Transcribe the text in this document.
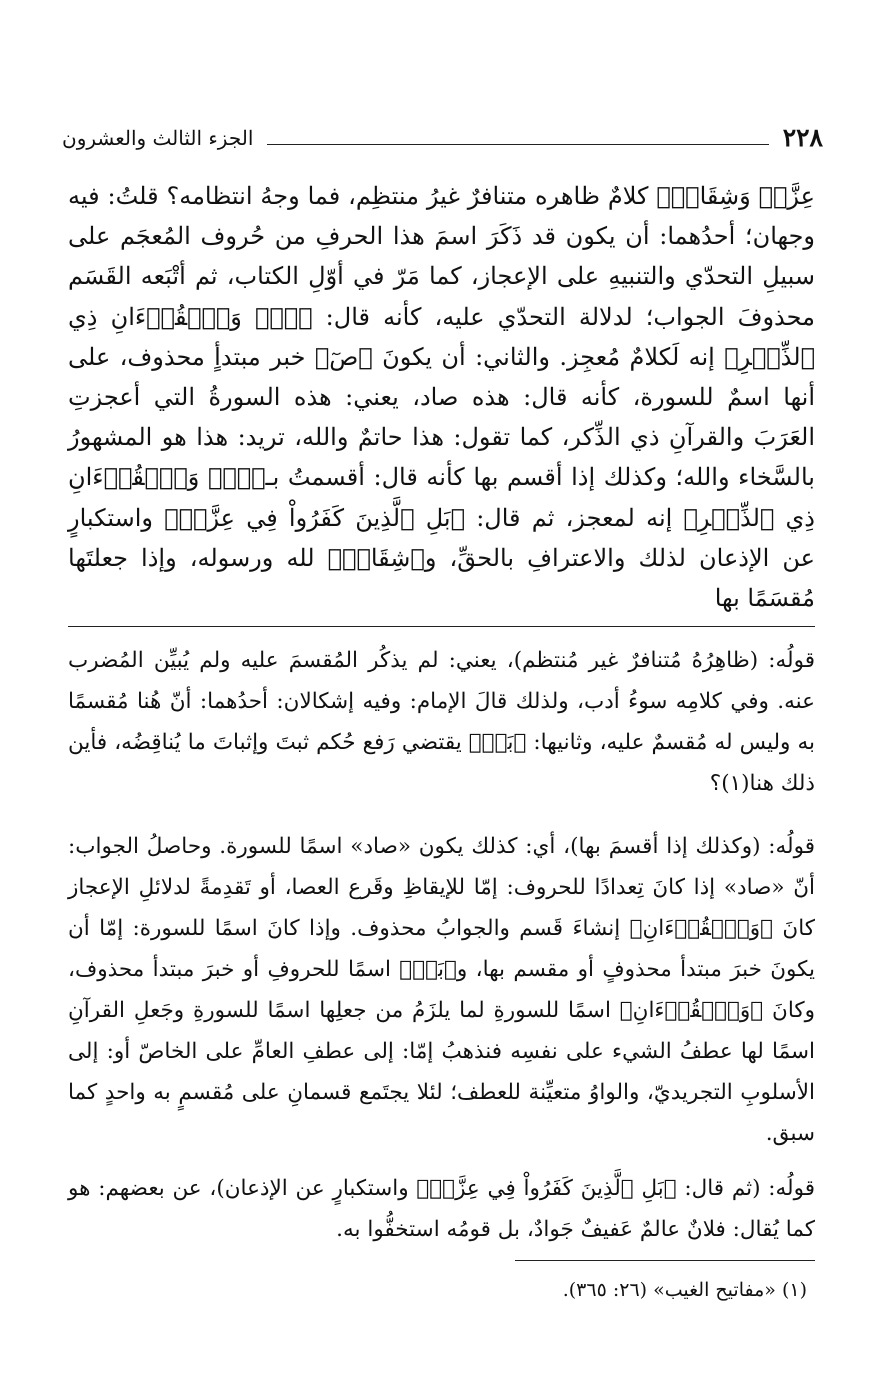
٢٢٨
الجزء الثالث والعشرون

عِزَّةٖ وَشِقَاقٖ﴾ كلامٌ ظاهره متنافرٌ غيرُ منتظِم، فما وجهُ انتظامه؟ قلتُ: فيه وجهان؛ أحدُهما: أن يكون قد ذَكَرَ اسمَ هذا الحرفِ من حُروف المُعجَم على سبيلِ التحدّي والتنبيهِ على الإعجاز، كما مَرّ في أوّلِ الكتاب، ثم أتْبَعه القَسَم محذوفَ الجواب؛ لدلالة التحدّي عليه، كأنه قال: ﴿صٓۚ وَٱلۡقُرۡءَانِ ذِي ٱلذِّكۡرِ﴾ إنه لَكلامٌ مُعجِز. والثاني: أن يكونَ ﴿صٓ﴾ خبر مبتدأٍ محذوف، على أنها اسمٌ للسورة، كأنه قال: هذه صاد، يعني: هذه السورةُ التي أعجزتِ العَرَبَ والقرآنِ ذي الذِّكر، كما تقول: هذا حاتمٌ والله، تريد: هذا هو المشهورُ بالسَّخاء والله؛ وكذلك إذا أقسم بها كأنه قال: أقسمتُ بـ﴿صٓۚ وَٱلۡقُرۡءَانِ ذِي ٱلذِّكۡرِ﴾ إنه لمعجز، ثم قال: ﴿بَلِ ٱلَّذِينَ كَفَرُواْ فِي عِزَّةٖ﴾ واستكبارٍ عن الإذعان لذلك والاعترافِ بالحقِّ، و﴿شِقَاقٖ﴾ لله ورسوله، وإذا جعلتَها مُقسَمًا بها

قولُه: (ظاهِرُهُ مُتنافرٌ غير مُنتظم)، يعني: لم يذكُر المُقسمَ عليه ولم يُبيِّن المُضرب عنه. وفي كلامِه سوءُ أدب، ولذلك قالَ الإمام: وفيه إشكالان: أحدُهما: أنّ هُنا مُقسمًا به وليس له مُقسمٌ عليه، وثانيها: ﴿بَلۡ﴾ يقتضي رَفع حُكم ثبتَ وإثباتَ ما يُناقِضُه، فأين ذلك هنا(١)؟

قولُه: (وكذلك إذا أقسمَ بها)، أي: كذلك يكون «صاد» اسمًا للسورة. وحاصلُ الجواب: أنّ «صاد» إذا كانَ تِعدادًا للحروف: إمّا للإيقاظِ وقَرع العصا، أو تَقدِمةً لدلائلِ الإعجاز كانَ ﴿وَٱلۡقُرۡءَانِ﴾ إنشاءَ قَسم والجوابُ محذوف. وإذا كانَ اسمًا للسورة: إمّا أن يكونَ خبرَ مبتدأ محذوفٍ أو مقسم بها، و﴿بَلۡ﴾ اسمًا للحروفِ أو خبرَ مبتدأ محذوف، وكانَ ﴿وَٱلۡقُرۡءَانِ﴾ اسمًا للسورةِ لما يلزَمُ من جعلِها اسمًا للسورةِ وجَعلِ القرآنِ اسمًا لها عطفُ الشيء على نفسِه فنذهبُ إمّا: إلى عطفِ العامِّ على الخاصّ أو: إلى الأسلوبِ التجريديّ، والواوُ متعيِّنة للعطف؛ لئلا يجتَمع قسمانِ على مُقسمٍ به واحدٍ كما سبق.

قولُه: (ثم قال: ﴿بَلِ ٱلَّذِينَ كَفَرُواْ فِي عِزَّةٖ﴾ واستكبارٍ عن الإذعان)، عن بعضهم: هو كما يُقال: فلانٌ عالمٌ عَفيفٌ جَوادٌ، بل قومُه استخفُّوا به.

(١) «مفاتيح الغيب» (٢٦: ٣٦٥).
